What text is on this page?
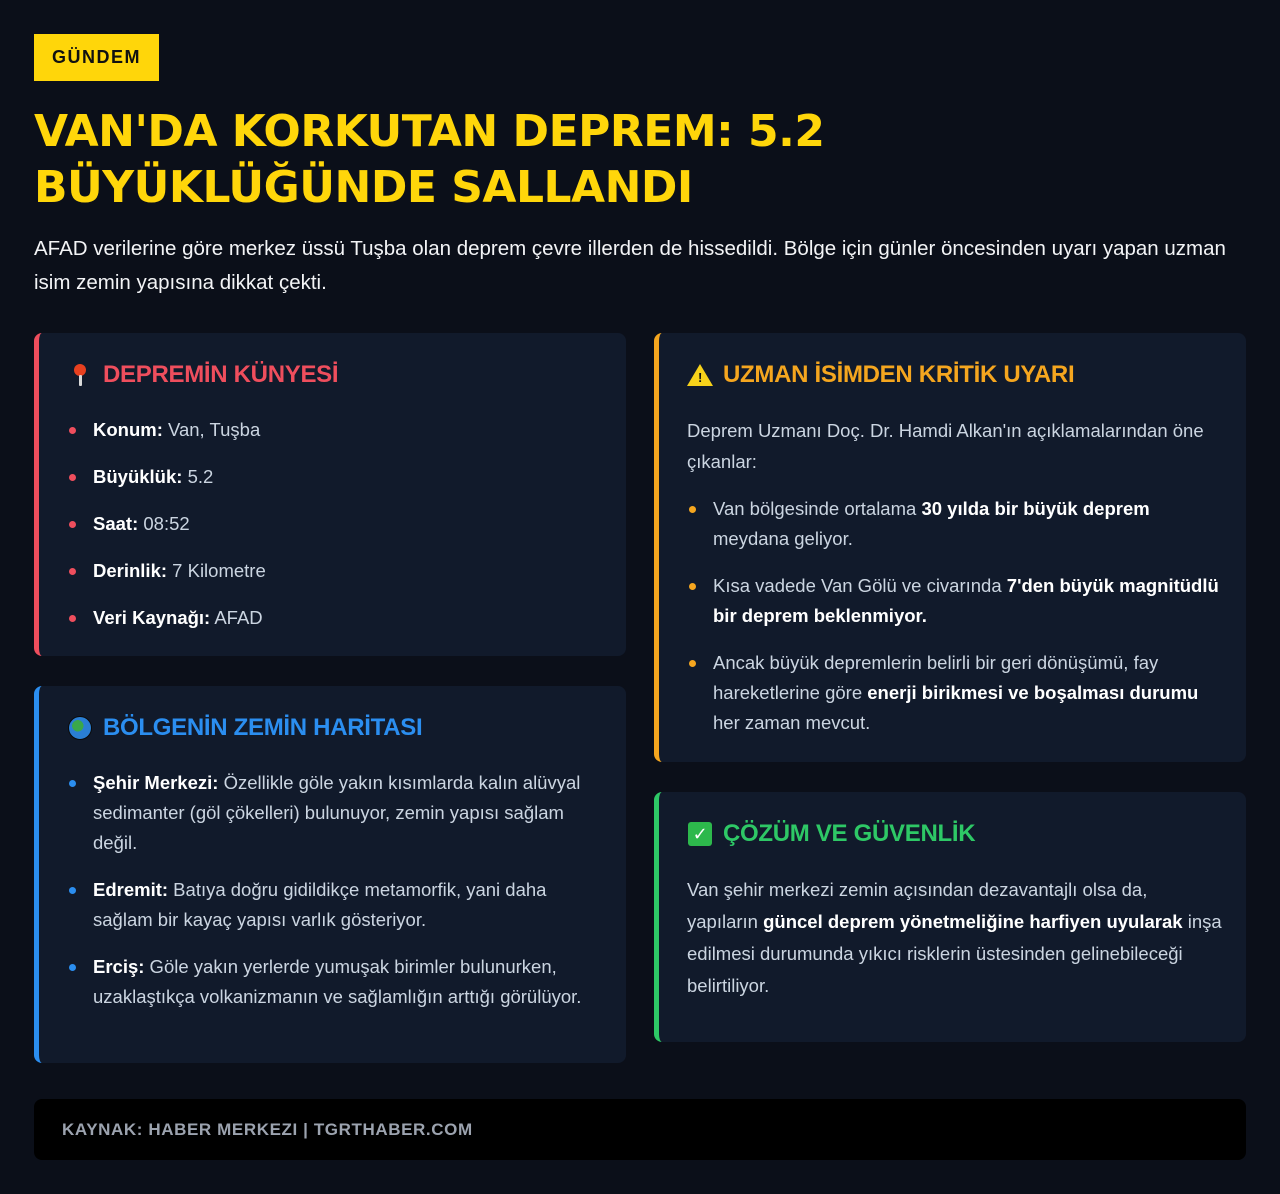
GÜNDEM
VAN'DA KORKUTAN DEPREM: 5.2 BÜYÜKLÜĞÜNDE SALLANDI

AFAD verilerine göre merkez üssü Tuşba olan deprem çevre illerden de hissedildi. Bölge için günler öncesinden uyarı yapan uzman isim zemin yapısına dikkat çekti.

DEPREMİN KÜNYESİ
Konum: Van, Tuşba
Büyüklük: 5.2
Saat: 08:52
Derinlik: 7 Kilometre
Veri Kaynağı: AFAD
BÖLGENİN ZEMİN HARİTASI
Şehir Merkezi: Özellikle göle yakın kısımlarda kalın alüvyal sedimanter (göl çökelleri) bulunuyor, zemin yapısı sağlam değil.
Edremit: Batıya doğru gidildikçe metamorfik, yani daha sağlam bir kayaç yapısı varlık gösteriyor.
Erciş: Göle yakın yerlerde yumuşak birimler bulunurken, uzaklaştıkça volkanizmanın ve sağlamlığın arttığı görülüyor.
! UZMAN İSİMDEN KRİTİK UYARI

Deprem Uzmanı Doç. Dr. Hamdi Alkan'ın açıklamalarından öne çıkanlar:

Van bölgesinde ortalama 30 yılda bir büyük deprem meydana geliyor.
Kısa vadede Van Gölü ve civarında 7'den büyük magnitüdlü bir deprem beklenmiyor.
Ancak büyük depremlerin belirli bir geri dönüşümü, fay hareketlerine göre enerji birikmesi ve boşalması durumu her zaman mevcut.
✓ ÇÖZÜM VE GÜVENLİK

Van şehir merkezi zemin açısından dezavantajlı olsa da, yapıların güncel deprem yönetmeliğine harfiyen uyularak inşa edilmesi durumunda yıkıcı risklerin üstesinden gelinebileceği belirtiliyor.

KAYNAK: HABER MERKEZI | TGRTHABER.COM
